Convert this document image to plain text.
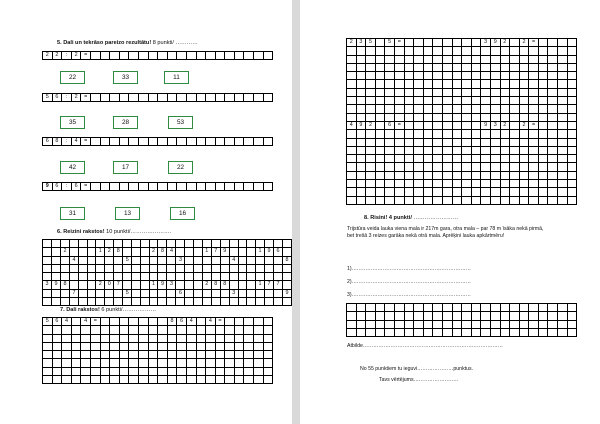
5. Dali un tekrāso pareizo rezultātu! 8 punkti/ …………
2	2	:	2	=																			
5	6	:	2	=																			
6	8	:	4	=																			
9	6	:	6	=																			
22	33	11
35	28	53
42	17	22
31	13	16
6. Reizini rakstos! 10 punkti/………………….

		2				1	2	8				2	8	4				1	7	9				1	9	6	
			4						5						3						4						8

3	9	8				2	0	7				1	9	3				2	8	8				1	7	7	
			7						5						6						3						9

7. Dali rakstos! 6 punkti/………………
5	6	4		4	=								8	6	4		4	=					

2	3	5		5	=									3	9	2		2	=				

4	9	2		6	=									9	3	2		2	=				

8. Risini! 4 punkti/ ……………………
Trijstūra veida lauka viena mala ir 217m gara, otra mala – par 78 m īsāka nekā pirmā, bet trešā 3 reizes garāka nekā otrā mala. Aprēķini lauka apkārtmēru!
1)……………………………………………………………
2)……………………………………………………………
3)……………………………………………………………

Atbilde………………………………………………………………………
No 55 punktiem tu ieguvi…………………punktus.
Tavs vērtējums……………………..
